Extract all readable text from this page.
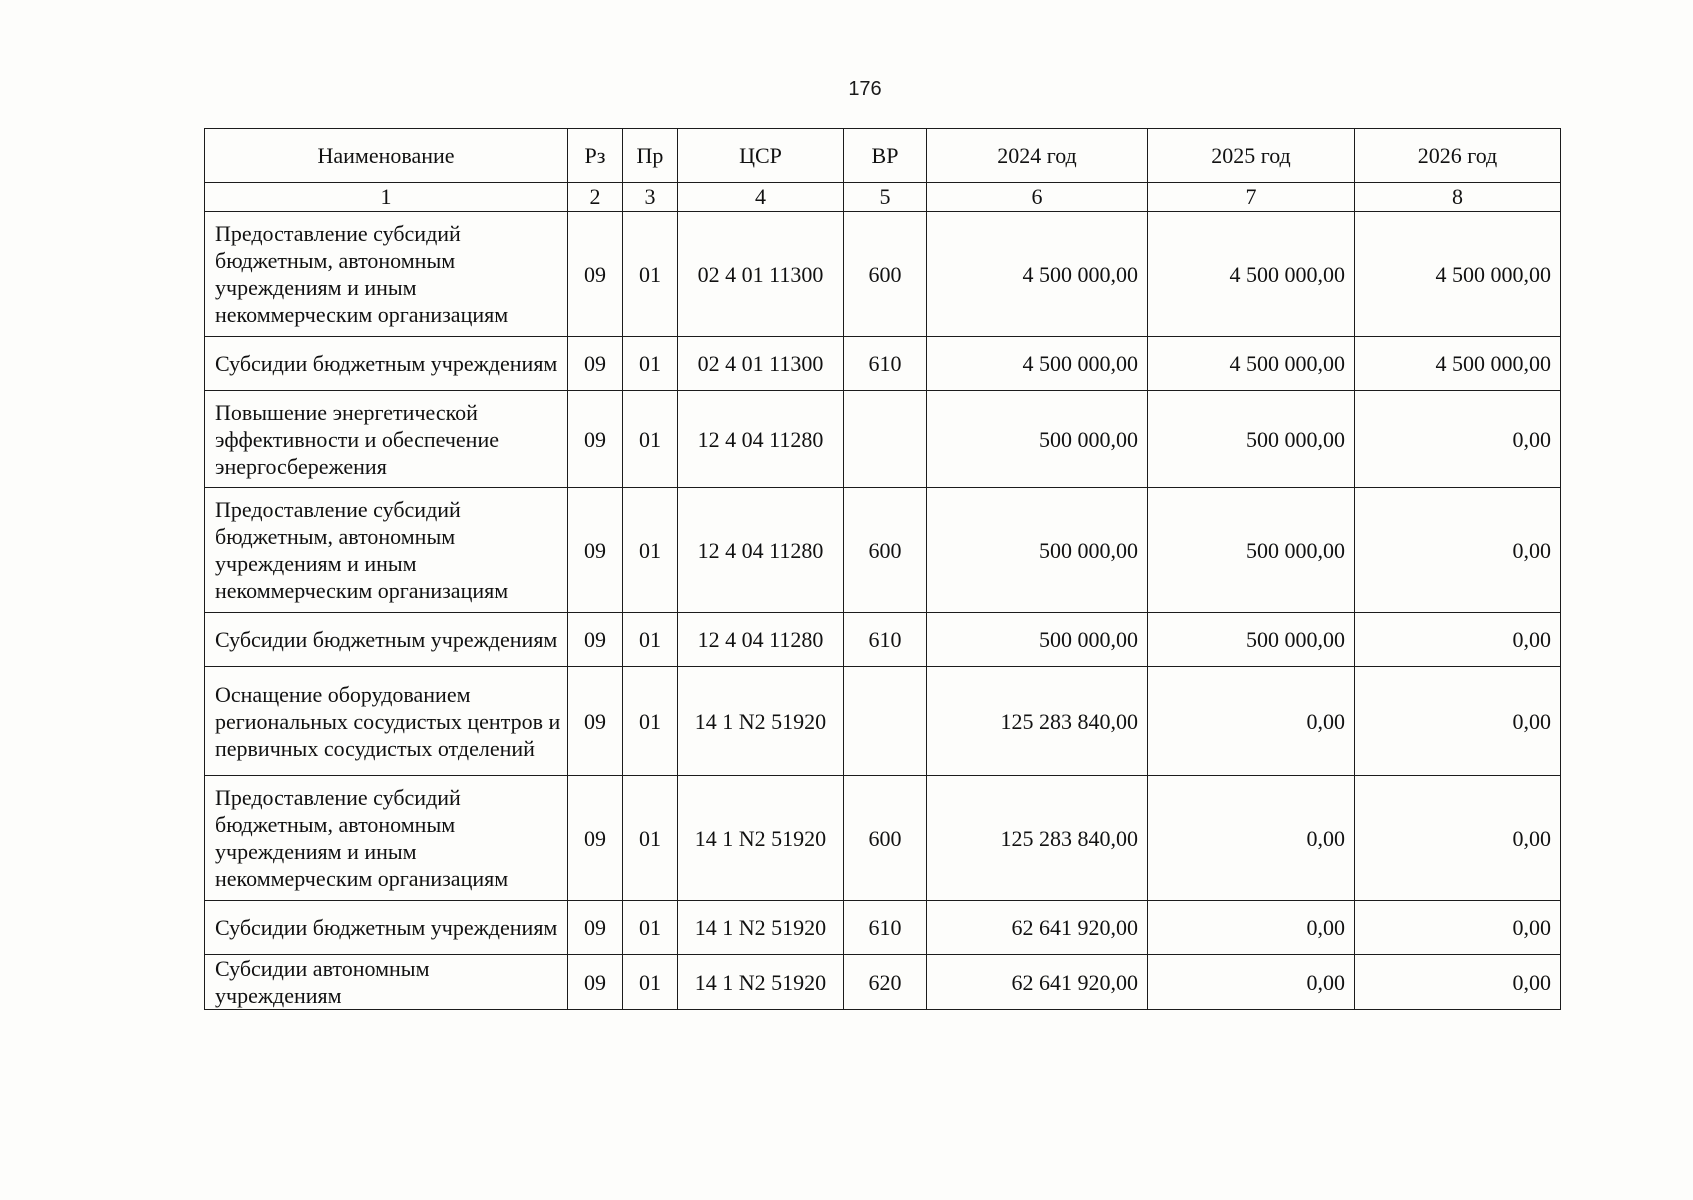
176
Наименование	Рз	Пр	ЦСР	ВР	2024 год	2025 год	2026 год
1	2	3	4	5	6	7	8
Предоставление субсидий бюджетным, автономным учреждениям и иным некоммерческим организациям	09	01	02 4 01 11300	600	4 500 000,00	4 500 000,00	4 500 000,00
Субсидии бюджетным учреждениям	09	01	02 4 01 11300	610	4 500 000,00	4 500 000,00	4 500 000,00
Повышение энергетической эффективности и обеспечение энергосбережения	09	01	12 4 04 11280		500 000,00	500 000,00	0,00
Предоставление субсидий бюджетным, автономным учреждениям и иным некоммерческим организациям	09	01	12 4 04 11280	600	500 000,00	500 000,00	0,00
Субсидии бюджетным учреждениям	09	01	12 4 04 11280	610	500 000,00	500 000,00	0,00
Оснащение оборудованием региональных сосудистых центров и первичных сосудистых отделений	09	01	14 1 N2 51920		125 283 840,00	0,00	0,00
Предоставление субсидий бюджетным, автономным учреждениям и иным некоммерческим организациям	09	01	14 1 N2 51920	600	125 283 840,00	0,00	0,00
Субсидии бюджетным учреждениям	09	01	14 1 N2 51920	610	62 641 920,00	0,00	0,00
Субсидии автономным учреждениям	09	01	14 1 N2 51920	620	62 641 920,00	0,00	0,00
